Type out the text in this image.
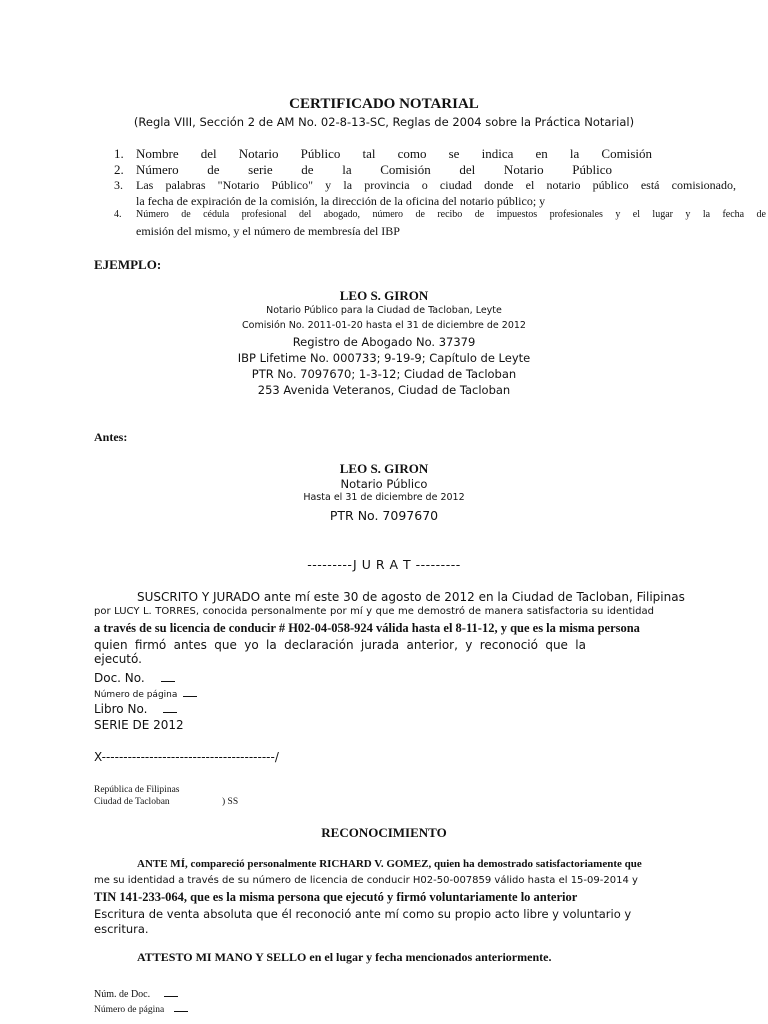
CERTIFICADO NOTARIAL
(Regla VIII, Sección 2 de AM No. 02-8-13-SC, Reglas de 2004 sobre la Práctica Notarial)
1. Nombre del Notario Público tal como se indica en la Comisión
2. Número de serie de la Comisión del Notario Público
3. Las palabras "Notario Público" y la provincia o ciudad donde el notario público está comisionado,
la fecha de expiración de la comisión, la dirección de la oficina del notario público; y
4. Número de cédula profesional del abogado, número de recibo de impuestos profesionales y el lugar y la fecha de
emisión del mismo, y el número de membresía del IBP
EJEMPLO:
LEO S. GIRON
Notario Público para la Ciudad de Tacloban, Leyte
Comisión No. 2011-01-20 hasta el 31 de diciembre de 2012
Registro de Abogado No. 37379
IBP Lifetime No. 000733; 9-19-9; Capítulo de Leyte
PTR No. 7097670; 1-3-12; Ciudad de Tacloban
253 Avenida Veteranos, Ciudad de Tacloban
Antes:
LEO S. GIRON
Notario Público
Hasta el 31 de diciembre de 2012
PTR No. 7097670
---------J U R A T ---------
SUSCRITO Y JURADO ante mí este 30 de agosto de 2012 en la Ciudad de Tacloban, Filipinas
por LUCY L. TORRES, conocida personalmente por mí y que me demostró de manera satisfactoria su identidad
a través de su licencia de conducir # H02-04-058-924 válida hasta el 8-11-12, y que es la misma persona
quien firmó antes que yo la declaración jurada anterior, y reconoció que la ejecutó.
Doc. No.
Número de página
Libro No.
SERIE DE 2012
X----------------------------------------/
República de Filipinas
Ciudad de Tacloban	) SS
RECONOCIMIENTO
ANTE MÍ, compareció personalmente RICHARD V. GOMEZ, quien ha demostrado satisfactoriamente que
me su identidad a través de su número de licencia de conducir H02-50-007859 válido hasta el 15-09-2014 y
TIN 141-233-064, que es la misma persona que ejecutó y firmó voluntariamente lo anterior
Escritura de venta absoluta que él reconoció ante mí como su propio acto libre y voluntario y
escritura.
ATTESTO MI MANO Y SELLO en el lugar y fecha mencionados anteriormente.
Núm. de Doc.
Número de página
